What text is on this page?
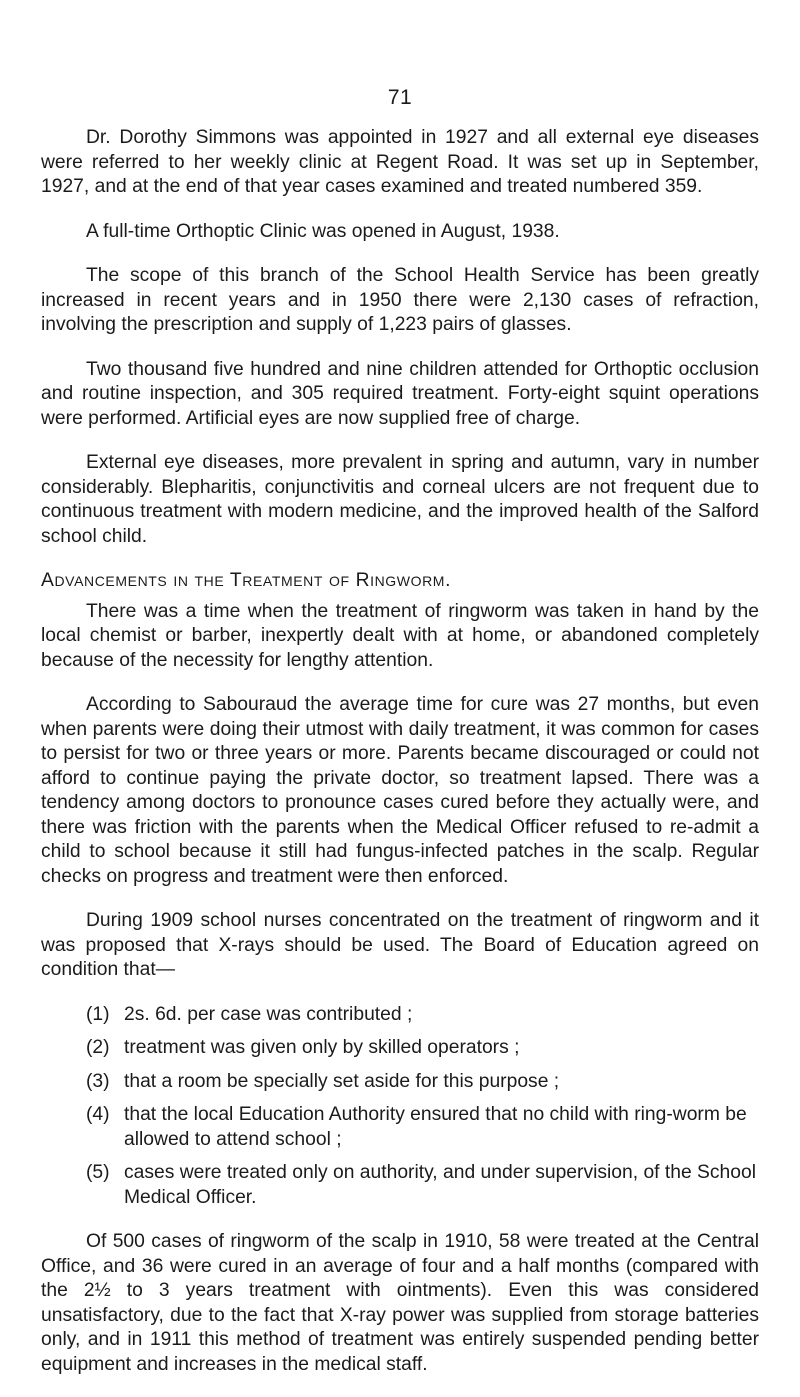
71

Dr. Dorothy Simmons was appointed in 1927 and all external eye diseases were referred to her weekly clinic at Regent Road. It was set up in September, 1927, and at the end of that year cases examined and treated numbered 359.

A full-time Orthoptic Clinic was opened in August, 1938.

The scope of this branch of the School Health Service has been greatly increased in recent years and in 1950 there were 2,130 cases of refraction, involving the prescription and supply of 1,223 pairs of glasses.

Two thousand five hundred and nine children attended for Orthoptic occlusion and routine inspection, and 305 required treatment. Forty-eight squint operations were performed. Artificial eyes are now supplied free of charge.

External eye diseases, more prevalent in spring and autumn, vary in number considerably. Blepharitis, conjunctivitis and corneal ulcers are not frequent due to continuous treatment with modern medicine, and the improved health of the Salford school child.

Advancements in the Treatment of Ringworm.

There was a time when the treatment of ringworm was taken in hand by the local chemist or barber, inexpertly dealt with at home, or abandoned completely because of the necessity for lengthy attention.

According to Sabouraud the average time for cure was 27 months, but even when parents were doing their utmost with daily treatment, it was common for cases to persist for two or three years or more. Parents became discouraged or could not afford to continue paying the private doctor, so treatment lapsed. There was a tendency among doctors to pronounce cases cured before they actually were, and there was friction with the parents when the Medical Officer refused to re-admit a child to school because it still had fungus-infected patches in the scalp. Regular checks on progress and treatment were then enforced.

During 1909 school nurses concentrated on the treatment of ringworm and it was proposed that X-rays should be used. The Board of Education agreed on condition that—

(1) 2s. 6d. per case was contributed ;
(2) treatment was given only by skilled operators ;
(3) that a room be specially set aside for this purpose ;
(4) that the local Education Authority ensured that no child with ring-worm be allowed to attend school ;
(5) cases were treated only on authority, and under supervision, of the School Medical Officer.

Of 500 cases of ringworm of the scalp in 1910, 58 were treated at the Central Office, and 36 were cured in an average of four and a half months (compared with the 2½ to 3 years treatment with ointments). Even this was considered unsatisfactory, due to the fact that X-ray power was supplied from storage batteries only, and in 1911 this method of treatment was entirely suspended pending better equipment and increases in the medical staff.
